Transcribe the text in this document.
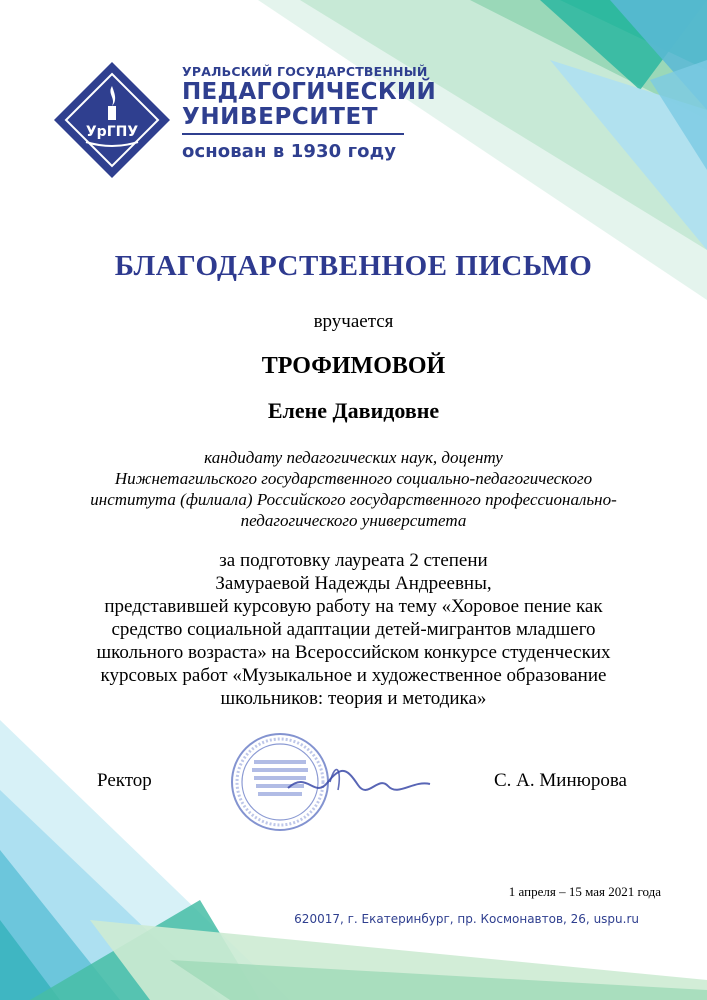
УрГПУ
УРАЛЬСКИЙ ГОСУДАРСТВЕННЫЙ
ПЕДАГОГИЧЕСКИЙ
УНИВЕРСИТЕТ
основан в 1930 году
БЛАГОДАРСТВЕННОЕ ПИСЬМО
вручается
ТРОФИМОВОЙ
Елене Давидовне
кандидату педагогических наук, доценту
Нижнетагильского государственного социально-педагогического
института (филиала) Российского государственного профессионально-
педагогического университета
за подготовку лауреата 2 степени
Замураевой Надежды Андреевны,
представившей курсовую работу на тему «Хоровое пение как
средство социальной адаптации детей-мигрантов младшего
школьного возраста» на Всероссийском конкурсе студенческих
курсовых работ «Музыкальное и художественное образование
школьников: теория и методика»
Ректор	С. А. Минюрова
1 апреля – 15 мая 2021 года
620017, г. Екатеринбург, пр. Космонавтов, 26, uspu.ru
